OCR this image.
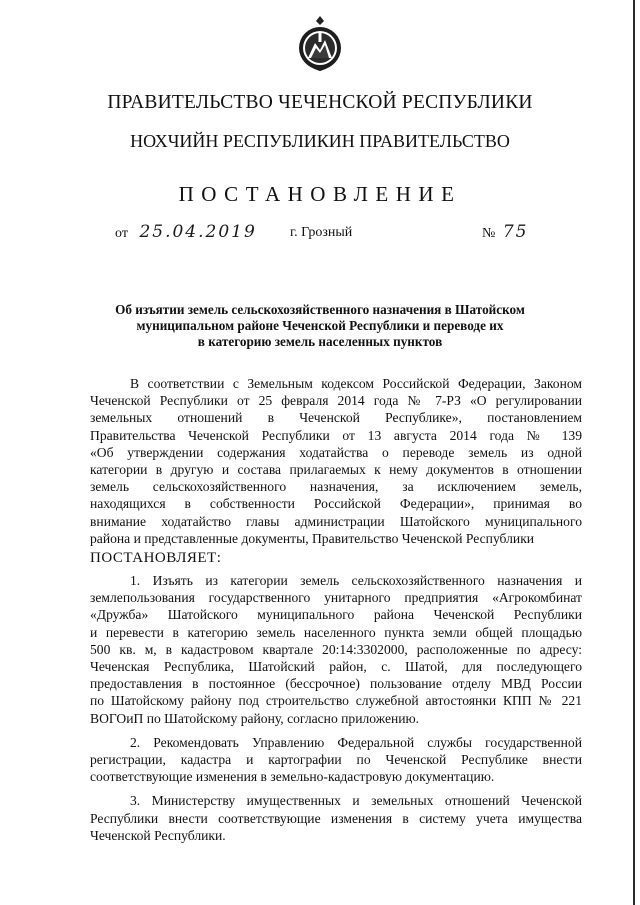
ПРАВИТЕЛЬСТВО ЧЕЧЕНСКОЙ РЕСПУБЛИКИ
НОХЧИЙН РЕСПУБЛИКИН ПРАВИТЕЛЬСТВО
ПОСТАНОВЛЕНИЕ
от 25.04.2019 г. Грозный	№ 75
Об изъятии земель сельскохозяйственного назначения в Шатойском
муниципальном районе Чеченской Республики и переводе их
в категорию земель населенных пунктов
В соответствии с Земельным кодексом Российской Федерации, Законом
Чеченской Республики от 25 февраля 2014 года № 7-РЗ «О регулировании
земельных отношений в Чеченской Республике», постановлением
Правительства Чеченской Республики от 13 августа 2014 года № 139
«Об утверждении содержания ходатайства о переводе земель из одной
категории в другую и состава прилагаемых к нему документов в отношении
земель сельскохозяйственного назначения, за исключением земель,
находящихся в собственности Российской Федерации», принимая во
внимание ходатайство главы администрации Шатойского муниципального
района и представленные документы, Правительство Чеченской Республики
ПОСТАНОВЛЯЕТ:
1. Изъять из категории земель сельскохозяйственного назначения и
землепользования государственного унитарного предприятия «Агрокомбинат
«Дружба» Шатойского муниципального района Чеченской Республики
и перевести в категорию земель населенного пункта земли общей площадью
500 кв. м, в кадастровом квартале 20:14:3302000, расположенные по адресу:
Чеченская Республика, Шатойский район, с. Шатой, для последующего
предоставления в постоянное (бессрочное) пользование отделу МВД России
по Шатойскому району под строительство служебной автостоянки КПП № 221
ВОГОиП по Шатойскому району, согласно приложению.
2. Рекомендовать Управлению Федеральной службы государственной
регистрации, кадастра и картографии по Чеченской Республике внести
соответствующие изменения в земельно-кадастровую документацию.
3. Министерству имущественных и земельных отношений Чеченской
Республики внести соответствующие изменения в систему учета имущества
Чеченской Республики.
